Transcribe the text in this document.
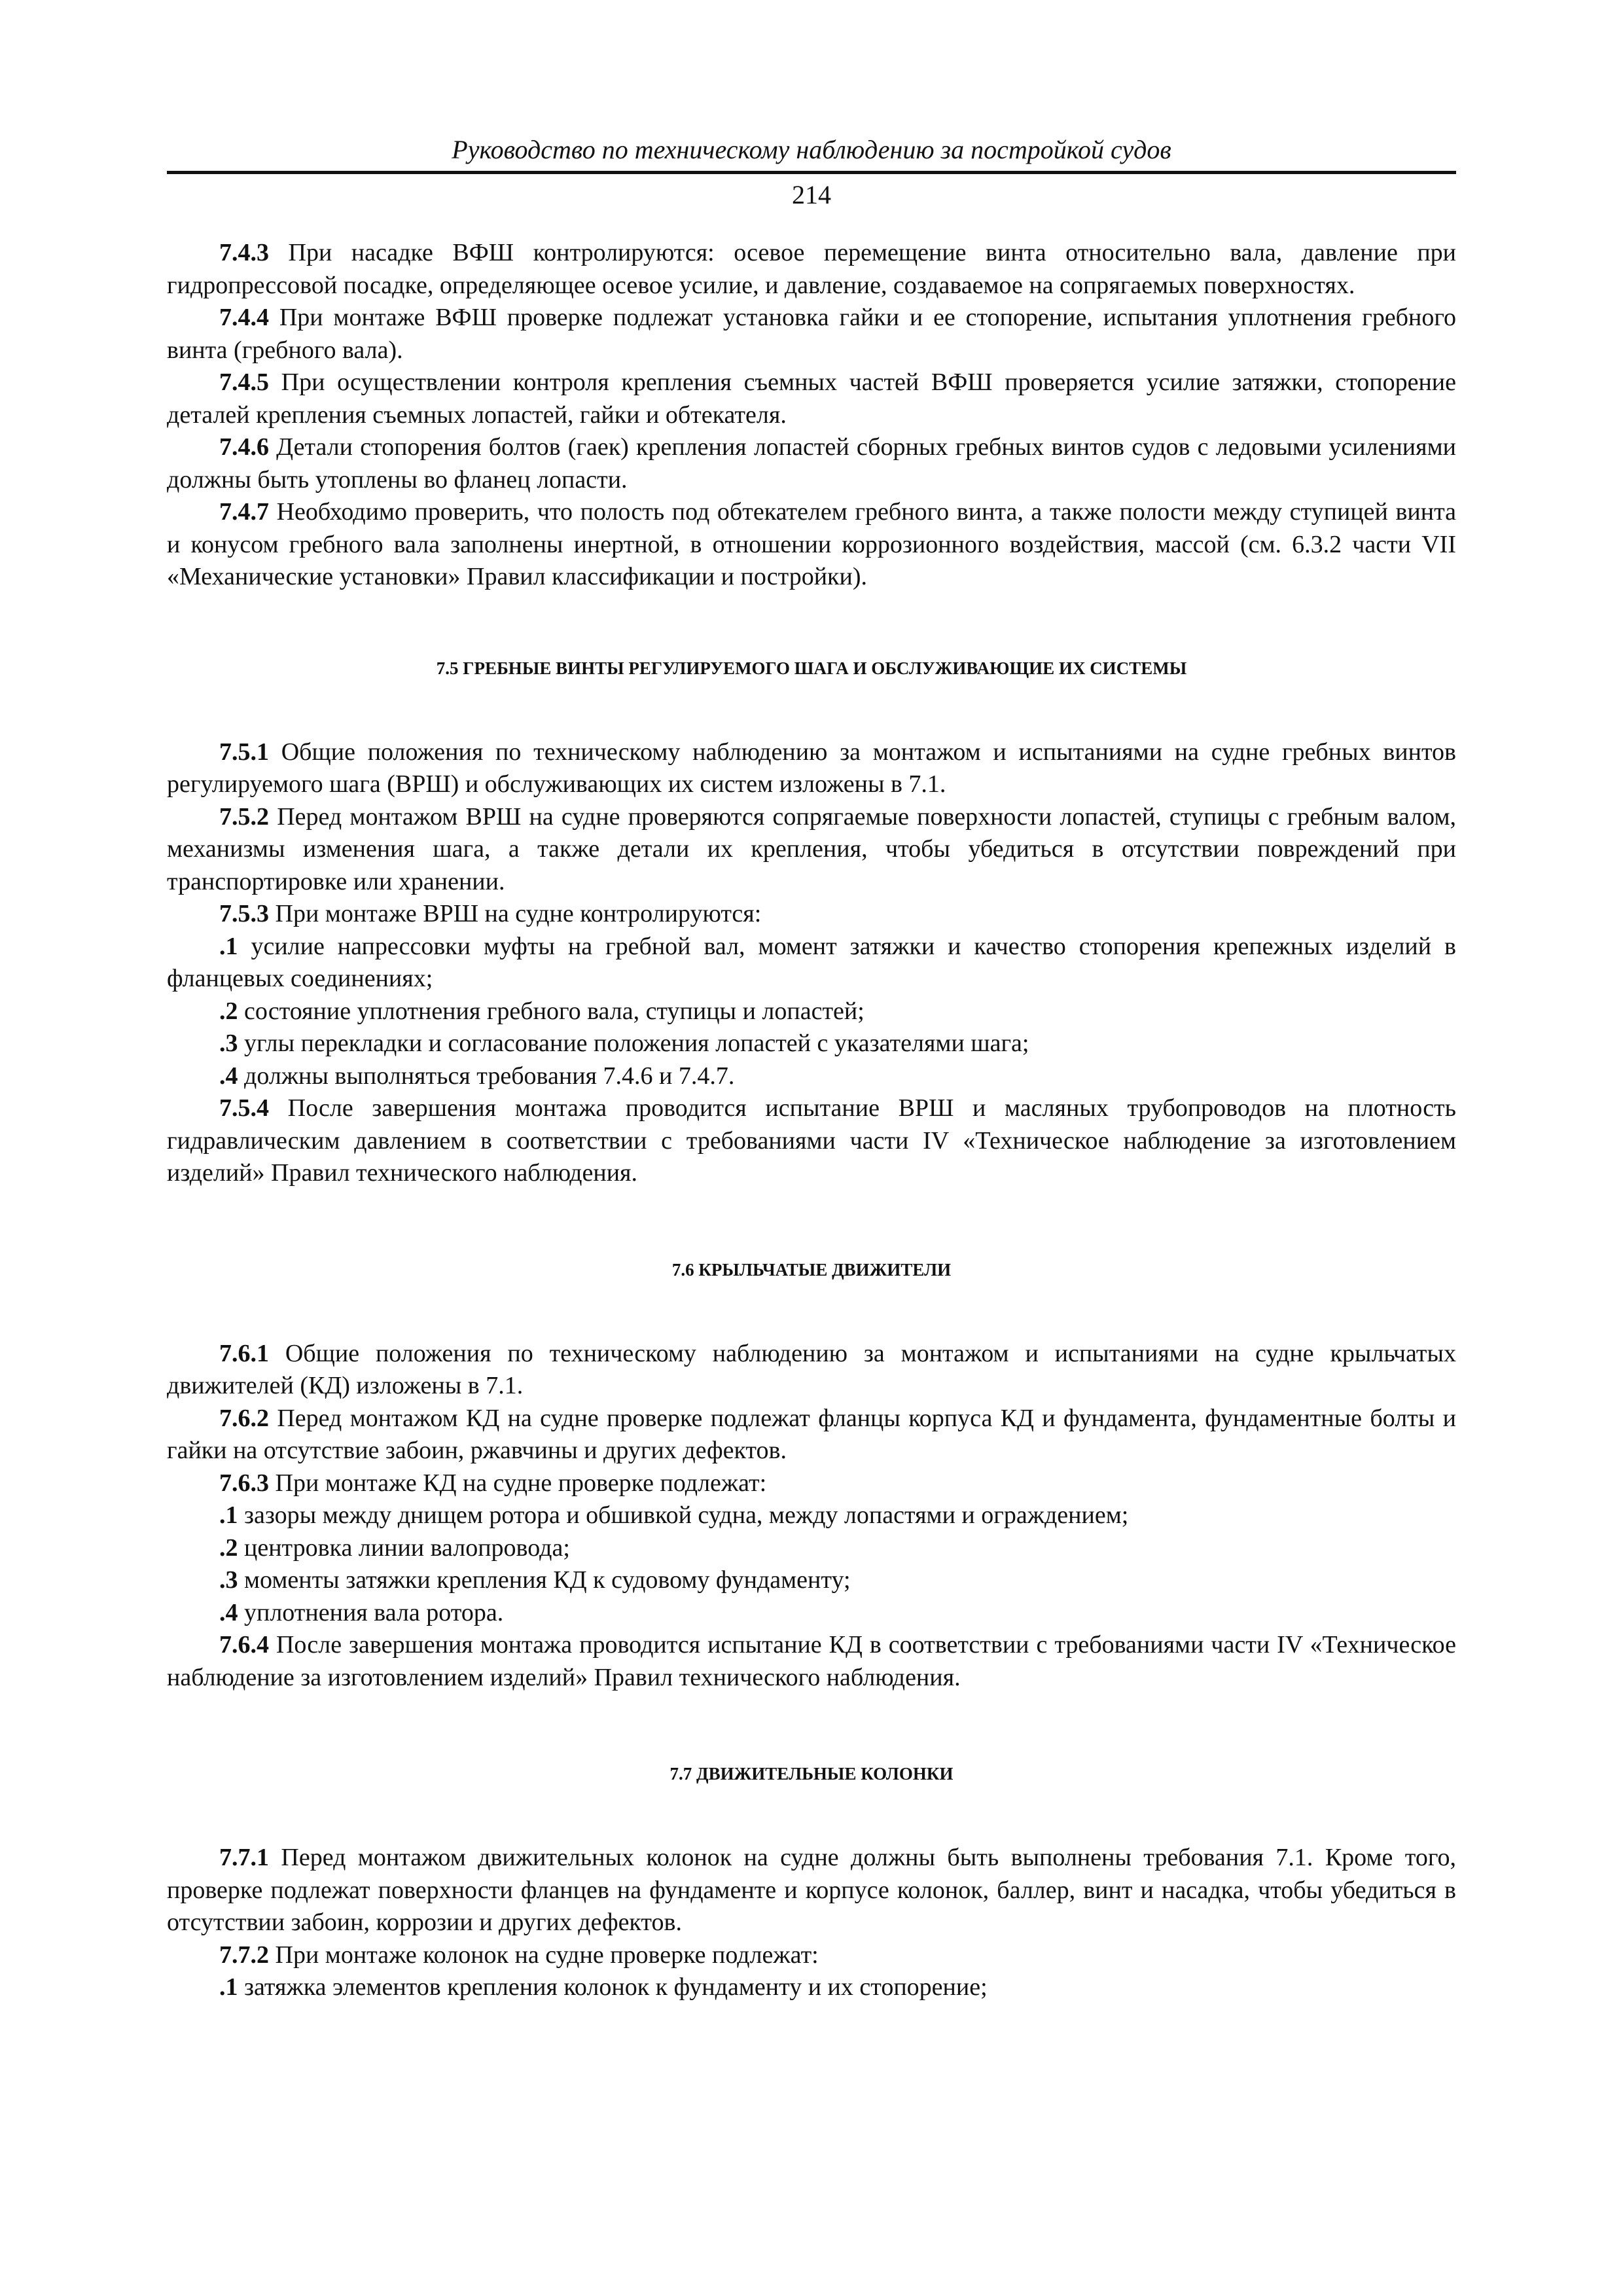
Руководство по техническому наблюдению за постройкой судов
214

7.4.3 При насадке ВФШ контролируются: осевое перемещение винта относительно вала, давление при гидропрессовой посадке, определяющее осевое усилие, и давление, создаваемое на сопрягаемых поверхностях.

7.4.4 При монтаже ВФШ проверке подлежат установка гайки и ее стопорение, испытания уплотнения гребного винта (гребного вала).

7.4.5 При осуществлении контроля крепления съемных частей ВФШ проверяется усилие затяжки, стопорение деталей крепления съемных лопастей, гайки и обтекателя.

7.4.6 Детали стопорения болтов (гаек) крепления лопастей сборных гребных винтов судов с ледовыми усилениями должны быть утоплены во фланец лопасти.

7.4.7 Необходимо проверить, что полость под обтекателем гребного винта, а также полости между ступицей винта и конусом гребного вала заполнены инертной, в отношении коррозионного воздействия, массой (см. 6.3.2 части VII «Механические установки» Правил классификации и постройки).

7.5 ГРЕБНЫЕ ВИНТЫ РЕГУЛИРУЕМОГО ШАГА И ОБСЛУЖИВАЮЩИЕ ИХ СИСТЕМЫ

7.5.1 Общие положения по техническому наблюдению за монтажом и испытаниями на судне гребных винтов регулируемого шага (ВРШ) и обслуживающих их систем изложены в 7.1.

7.5.2 Перед монтажом ВРШ на судне проверяются сопрягаемые поверхности лопастей, ступицы с гребным валом, механизмы изменения шага, а также детали их крепления, чтобы убедиться в отсутствии повреждений при транспортировке или хранении.

7.5.3 При монтаже ВРШ на судне контролируются:

.1 усилие напрессовки муфты на гребной вал, момент затяжки и качество стопорения крепежных изделий в фланцевых соединениях;

.2 состояние уплотнения гребного вала, ступицы и лопастей;

.3 углы перекладки и согласование положения лопастей с указателями шага;

.4 должны выполняться требования 7.4.6 и 7.4.7.

7.5.4 После завершения монтажа проводится испытание ВРШ и масляных трубопроводов на плотность гидравлическим давлением в соответствии с требованиями части IV «Техническое наблюдение за изготовлением изделий» Правил технического наблюдения.

7.6 КРЫЛЬЧАТЫЕ ДВИЖИТЕЛИ

7.6.1 Общие положения по техническому наблюдению за монтажом и испытаниями на судне крыльчатых движителей (КД) изложены в 7.1.

7.6.2 Перед монтажом КД на судне проверке подлежат фланцы корпуса КД и фундамента, фундаментные болты и гайки на отсутствие забоин, ржавчины и других дефектов.

7.6.3 При монтаже КД на судне проверке подлежат:

.1 зазоры между днищем ротора и обшивкой судна, между лопастями и ограждением;

.2 центровка линии валопровода;

.3 моменты затяжки крепления КД к судовому фундаменту;

.4 уплотнения вала ротора.

7.6.4 После завершения монтажа проводится испытание КД в соответствии с требованиями части IV «Техническое наблюдение за изготовлением изделий» Правил технического наблюдения.

7.7 ДВИЖИТЕЛЬНЫЕ КОЛОНКИ

7.7.1 Перед монтажом движительных колонок на судне должны быть выполнены требования 7.1. Кроме того, проверке подлежат поверхности фланцев на фундаменте и корпусе колонок, баллер, винт и насадка, чтобы убедиться в отсутствии забоин, коррозии и других дефектов.

7.7.2 При монтаже колонок на судне проверке подлежат:

.1 затяжка элементов крепления колонок к фундаменту и их стопорение;
